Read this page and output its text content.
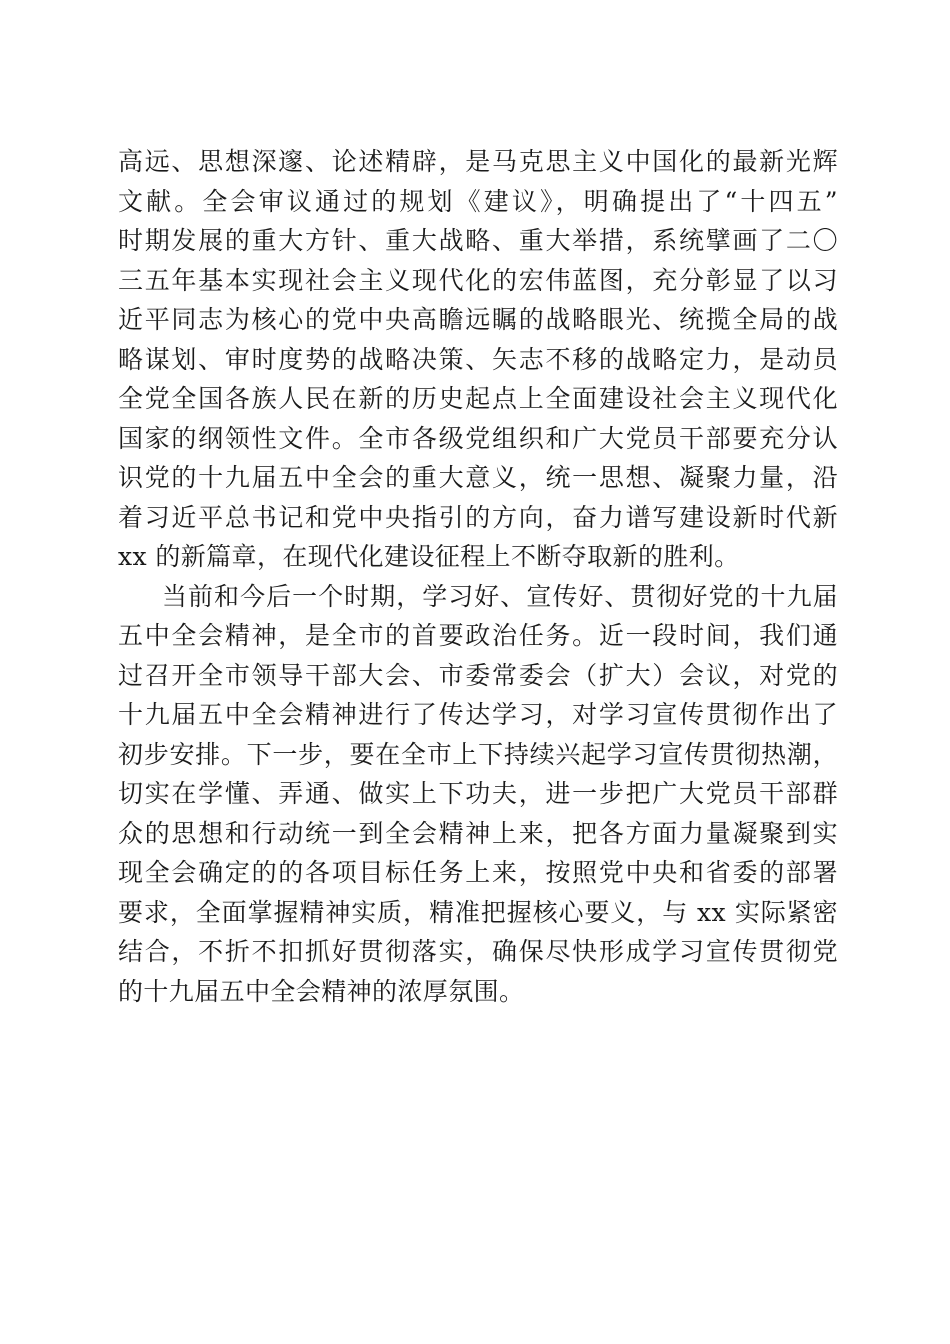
高远、思想深邃、论述精辟，是马克思主义中国化的最新光辉
文献。全会审议通过的规划《建议》，明确提出了“十四五”
时期发展的重大方针、重大战略、重大举措，系统擘画了二〇
三五年基本实现社会主义现代化的宏伟蓝图，充分彰显了以习
近平同志为核心的党中央高瞻远瞩的战略眼光、统揽全局的战
略谋划、审时度势的战略决策、矢志不移的战略定力，是动员
全党全国各族人民在新的历史起点上全面建设社会主义现代化
国家的纲领性文件。全市各级党组织和广大党员干部要充分认
识党的十九届五中全会的重大意义，统一思想、凝聚力量，沿
着习近平总书记和党中央指引的方向，奋力谱写建设新时代新
xx 的新篇章，在现代化建设征程上不断夺取新的胜利。
当前和今后一个时期，学习好、宣传好、贯彻好党的十九届
五中全会精神，是全市的首要政治任务。近一段时间，我们通
过召开全市领导干部大会、市委常委会（扩大）会议，对党的
十九届五中全会精神进行了传达学习，对学习宣传贯彻作出了
初步安排。下一步，要在全市上下持续兴起学习宣传贯彻热潮，
切实在学懂、弄通、做实上下功夫，进一步把广大党员干部群
众的思想和行动统一到全会精神上来，把各方面力量凝聚到实
现全会确定的的各项目标任务上来，按照党中央和省委的部署
要求，全面掌握精神实质，精准把握核心要义，与 xx 实际紧密
结合，不折不扣抓好贯彻落实，确保尽快形成学习宣传贯彻党
的十九届五中全会精神的浓厚氛围。
